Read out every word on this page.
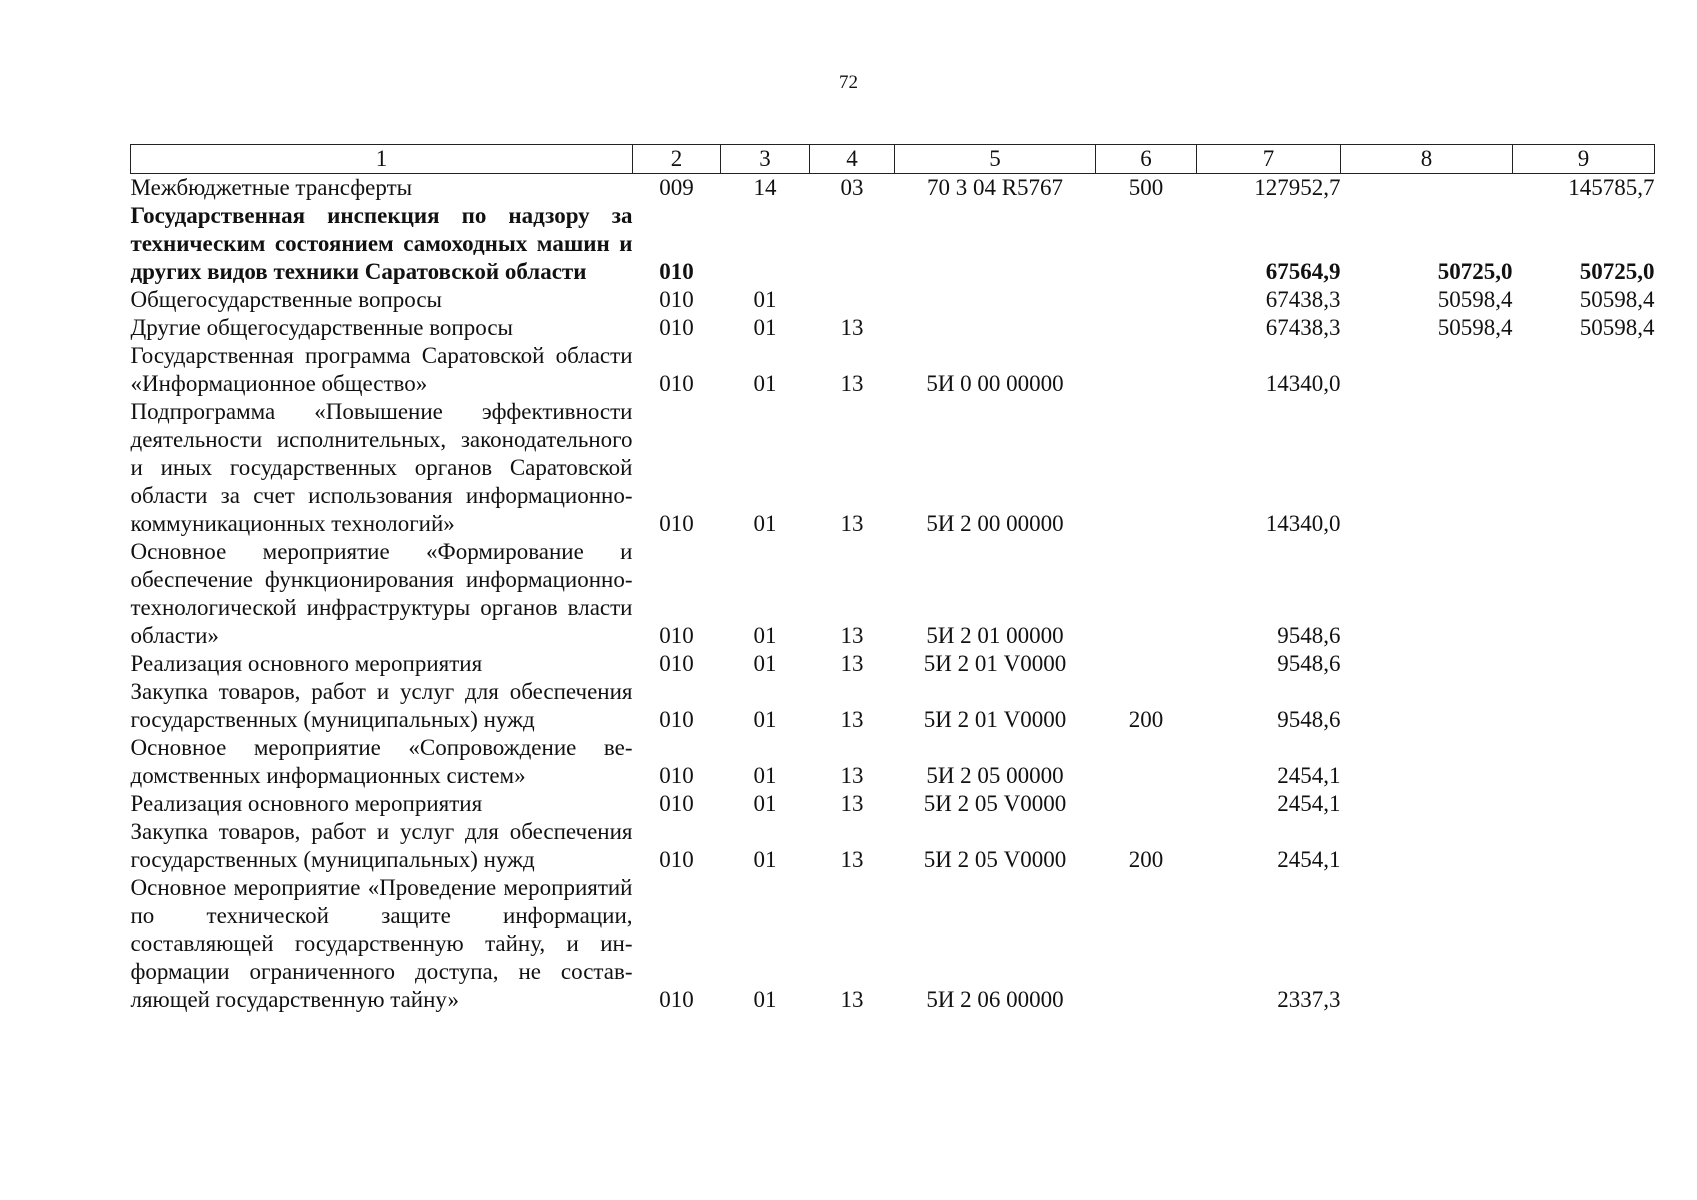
72
1	2	3	4	5	6	7	8	9
Межбюджетные трансферты	009	14	03	70 3 04 R5767	500	127952,7		145785,7
Государственная инспекция по надзору за техническим состоянием самоходных машин и других видов техники Саратовской области	010					67564,9	50725,0	50725,0
Общегосударственные вопросы	010	01				67438,3	50598,4	50598,4
Другие общегосударственные вопросы	010	01	13			67438,3	50598,4	50598,4
Государственная программа Саратовской области «Информационное общество»	010	01	13	5И 0 00 00000		14340,0		
Подпрограмма «Повышение эффективности деятельности исполнительных, законодательного и иных государственных органов Саратовской области за счет использования информационно-коммуникационных технологий»	010	01	13	5И 2 00 00000		14340,0		
Основное мероприятие «Формирование и обеспечение функционирования информационно-технологической инфраструктуры органов власти области»	010	01	13	5И 2 01 00000		9548,6		
Реализация основного мероприятия	010	01	13	5И 2 01 V0000		9548,6		
Закупка товаров, работ и услуг для обеспечения государственных (муниципальных) нужд	010	01	13	5И 2 01 V0000	200	9548,6		
Основное мероприятие «Сопровождение ведомственных информационных систем»	010	01	13	5И 2 05 00000		2454,1		
Реализация основного мероприятия	010	01	13	5И 2 05 V0000		2454,1		
Закупка товаров, работ и услуг для обеспечения государственных (муниципальных) нужд	010	01	13	5И 2 05 V0000	200	2454,1		
Основное мероприятие «Проведение мероприятий по технической защите информации, составляющей государственную тайну, и информации ограниченного доступа, не составляющей государственную тайну»	010	01	13	5И 2 06 00000		2337,3		
